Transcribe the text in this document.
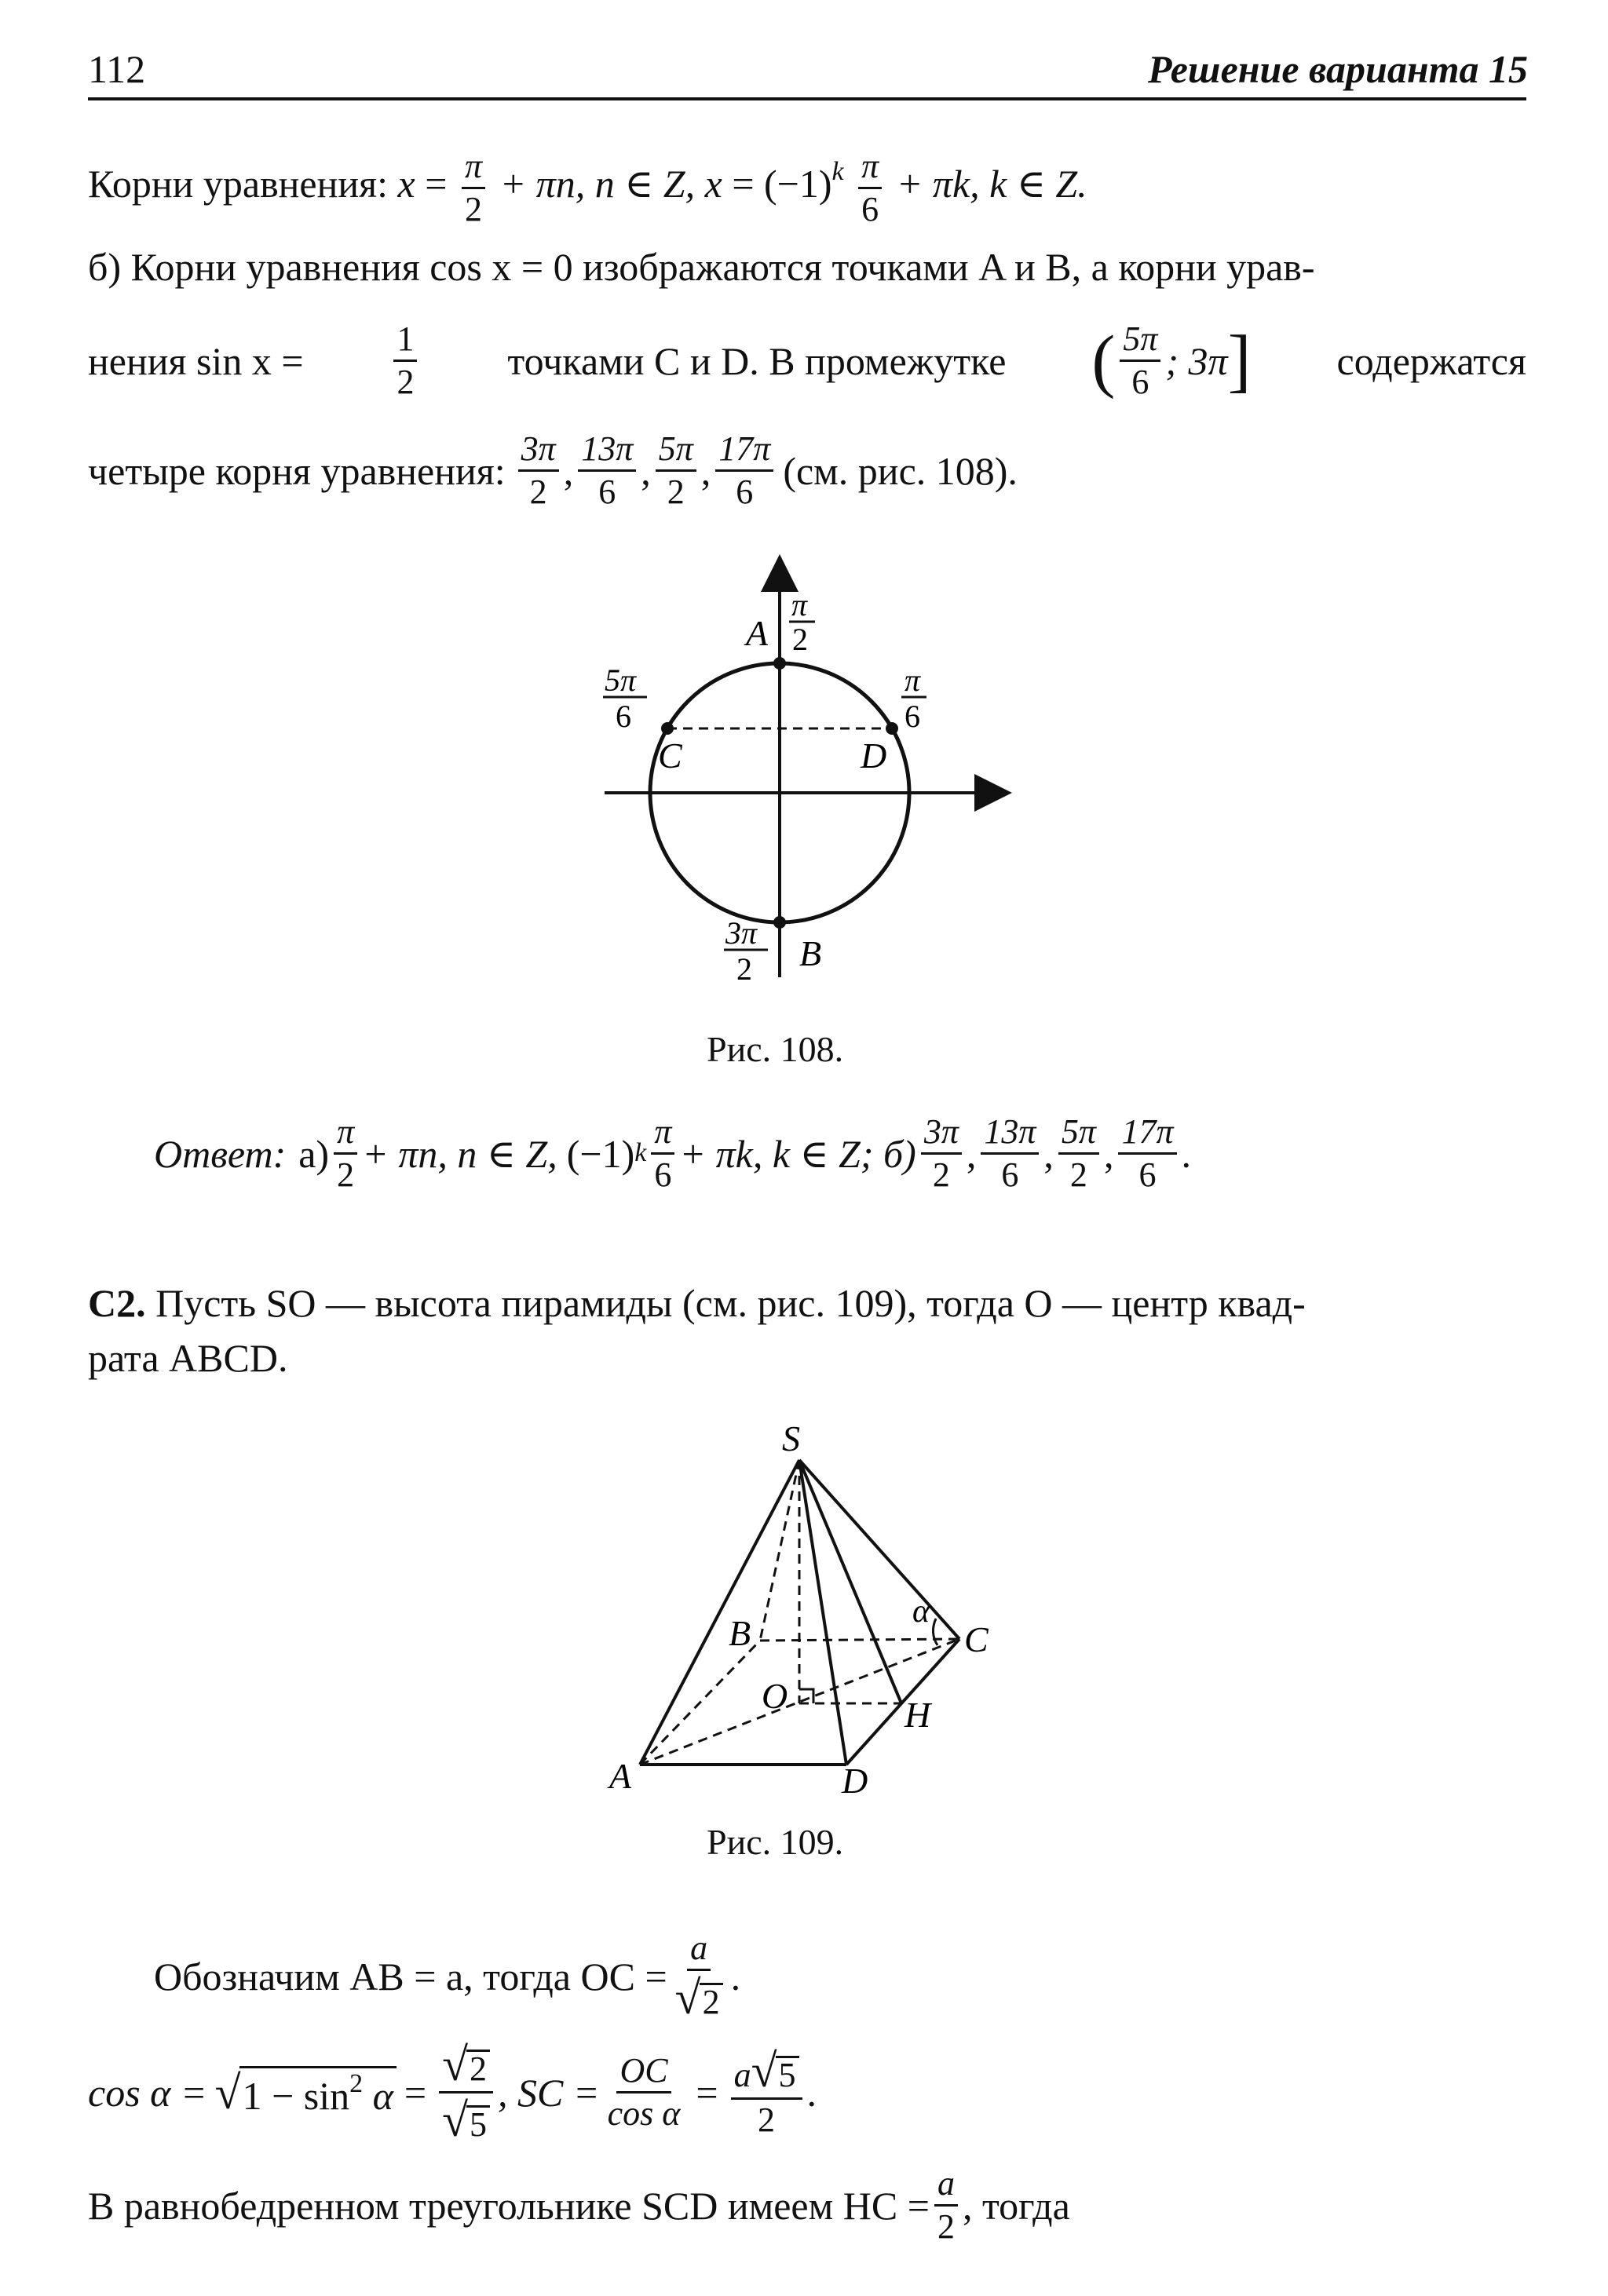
112	Решение варианта 15
Корни уравнения: $x = \frac{\pi}{2} + \pi n$, n ∈ Z, $x = (-1)^k \frac{\pi}{6} + \pi k$, k ∈ Z.
б) Корни уравнения cos x = 0 изображаются точками A и B, а корни урав-
нения sin x =	$\frac{1}{2}$ точками C и D. В промежутке ( $\frac{5\pi}{6}$ ; 3π ] содержатся
четыре корня уравнения: $\frac{3\pi}{2}$ , $\frac{13\pi}{6}$ , $\frac{5\pi}{2}$ , $\frac{17\pi}{6} (см$. рис. 108).
A
B
C	D
π
2
5π
6
π
6
3π
2
Рис. 108.
Ответ: $а) \frac{\pi}{2} + \pi n$, n ∈ Z, (−1) k $\frac{\pi}{6} + \pi k$, k ∈ Z; $б) \frac{3\pi}{2}$ , $\frac{13\pi}{6}$ , $\frac{5\pi}{2}$ , $\frac{17\pi}{6}$ .
С2. Пусть SO — высота пирамиды (см. рис. 109), тогда O — центр квад-
рата ABCD.
S
A
B	C
D
O	H
α
Рис. 109.
Обозначим AB = a, тогда OC = $\frac{a}{√2}$ .
cos α = √ $1 - \sin^2 \alpha = \frac{√2}{√5}$ , SC = $\frac{OC}{\text{cos α}} = \frac{a√5}{2}$ .
В равнобедренном треугольнике SCD имеем HC = $\frac{a}{2}$ , тогда
